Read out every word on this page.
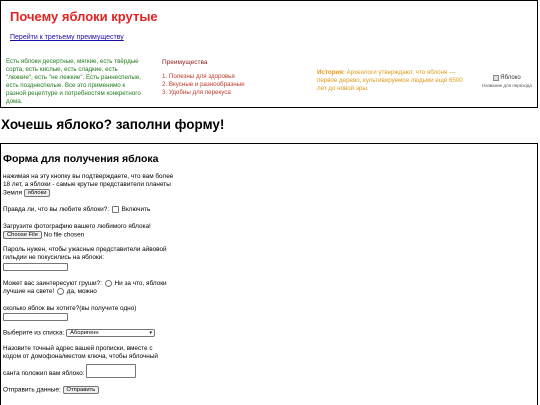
Почему яблоки крутые
Перейти к третьему преимуществу

Есть яблоки десертные, мягкие, есть твёрдые сорта, есть кислые, есть сладкие, есть "лежкие", есть "не лежкие". Есть раннеспелые, есть позднеспелые. Все это применимо к разной рецептуре и потребностям конкретного дома.

Преимущества

1. Полезны для здоровья
2. Вкусные и разнообразные
3. Удобны для перекуса

История: Археологи утверждают, что яблоня — первое дерево, культивируемое людьми ещё 6500 лет до новой эры.

Яблоко
Название для перехода
Хочешь яблоко? заполни форму!
Форма для получения яблока
нажимая на эту кнопку вы подтверждаете, что вам более 18 лет, а яблоки - самые крутые представители планеты Земля яблоки
Правда ли, что вы любите яблоки?: Включить
Загрузите фотографию вашего любимого яблока!
Choose File No file chosen
Пароль нужен, чтобы ужасные представители айвовой гильдии не покусились на яблоки:
Может вас заинтересуют груши?: Ни за что, яблоки лучшие на свете! да, можно
сколько яблок вы хотите?(вы получите одно)
Выберите из списка: Аборигенн	▾
Назовите точный адрес вашей прописки, вместе с
кодом от домофона/местом ключа, чтобы яблочный
санта положил вам яблоко:
Отправить данные: Отправить
